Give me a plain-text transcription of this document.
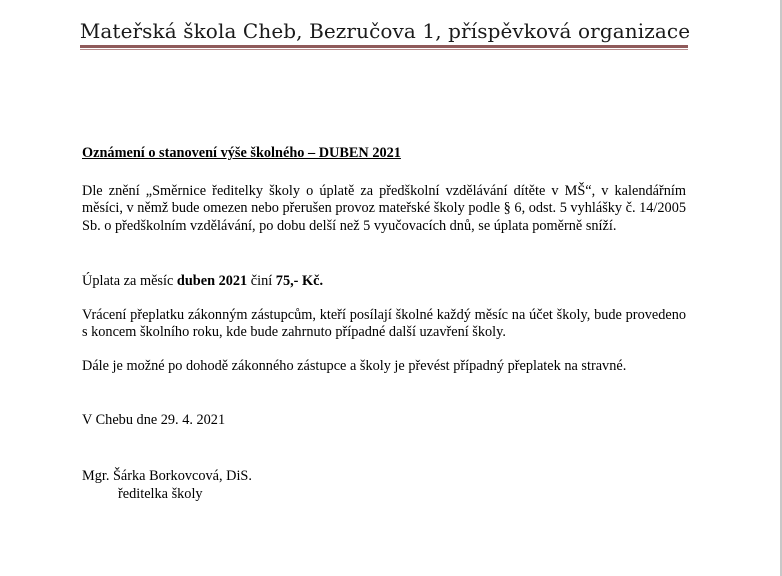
Mateřská škola Cheb, Bezručova 1, příspěvková organizace
Oznámení o stanovení výše školného – DUBEN 2021
Dle znění „Směrnice ředitelky školy o úplatě za předškolní vzdělávání dítěte v MŠ“, v kalendářním měsíci, v němž bude omezen nebo přerušen provoz mateřské školy podle § 6, odst. 5 vyhlášky č. 14/2005 Sb. o předškolním vzdělávání, po dobu delší než 5 vyučovacích dnů, se úplata poměrně sníží.
Úplata za měsíc duben 2021 činí 75,- Kč.
Vrácení přeplatku zákonným zástupcům, kteří posílají školné každý měsíc na účet školy, bude provedeno s koncem školního roku, kde bude zahrnuto případné další uzavření školy.
Dále je možné po dohodě zákonného zástupce a školy je převést případný přeplatek na stravné.
V Chebu dne 29. 4. 2021
Mgr. Šárka Borkovcová, DiS.
ředitelka školy
